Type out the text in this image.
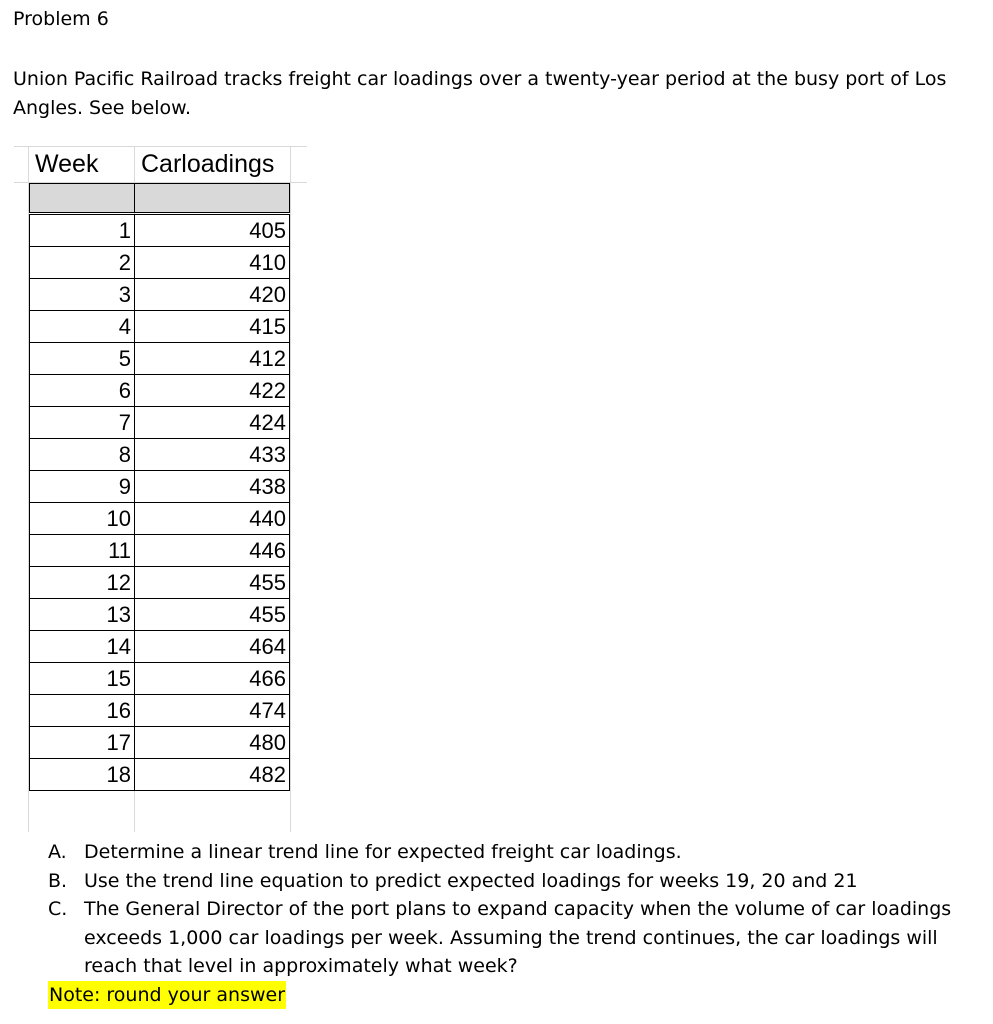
Problem 6
Union Pacific Railroad tracks freight car loadings over a twenty-year period at the busy port of Los Angles. See below.
Week Carloadings
1	405
2	410
3	420
4	415
5	412
6	422
7	424
8	433
9	438
10	440
11	446
12	455
13	455
14	464
15	466
16	474
17	480
18	482
A. Determine a linear trend line for expected freight car loadings.
B. Use the trend line equation to predict expected loadings for weeks 19, 20 and 21
C. The General Director of the port plans to expand capacity when the volume of car loadings exceeds 1,000 car loadings per week. Assuming the trend continues, the car loadings will reach that level in approximately what week?
Note: round your answer
